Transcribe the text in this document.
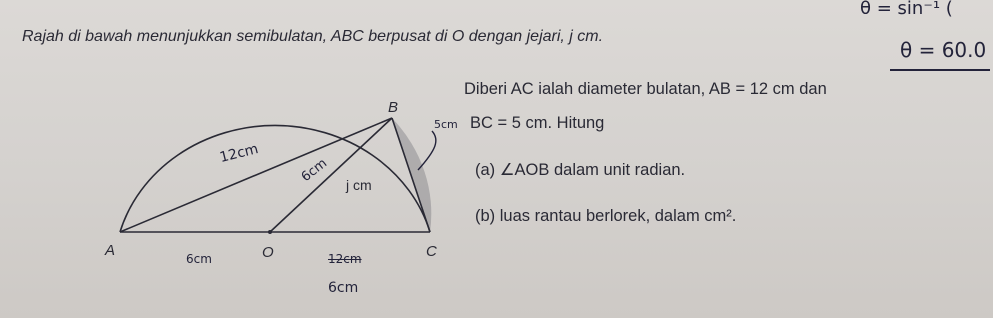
Rajah di bawah menunjukkan semibulatan, ABC berpusat di O dengan jejari, j cm.
Diberi AC ialah diameter bulatan, AB = 12 cm dan
BC = 5 cm. Hitung
(a) ∠AOB dalam unit radian.
(b) luas rantau berlorek, dalam cm².
A
B
C
O
j cm
θ = sin⁻¹ (
θ = 60.0
5cm
12cm
6cm
6cm	12cm
6cm
